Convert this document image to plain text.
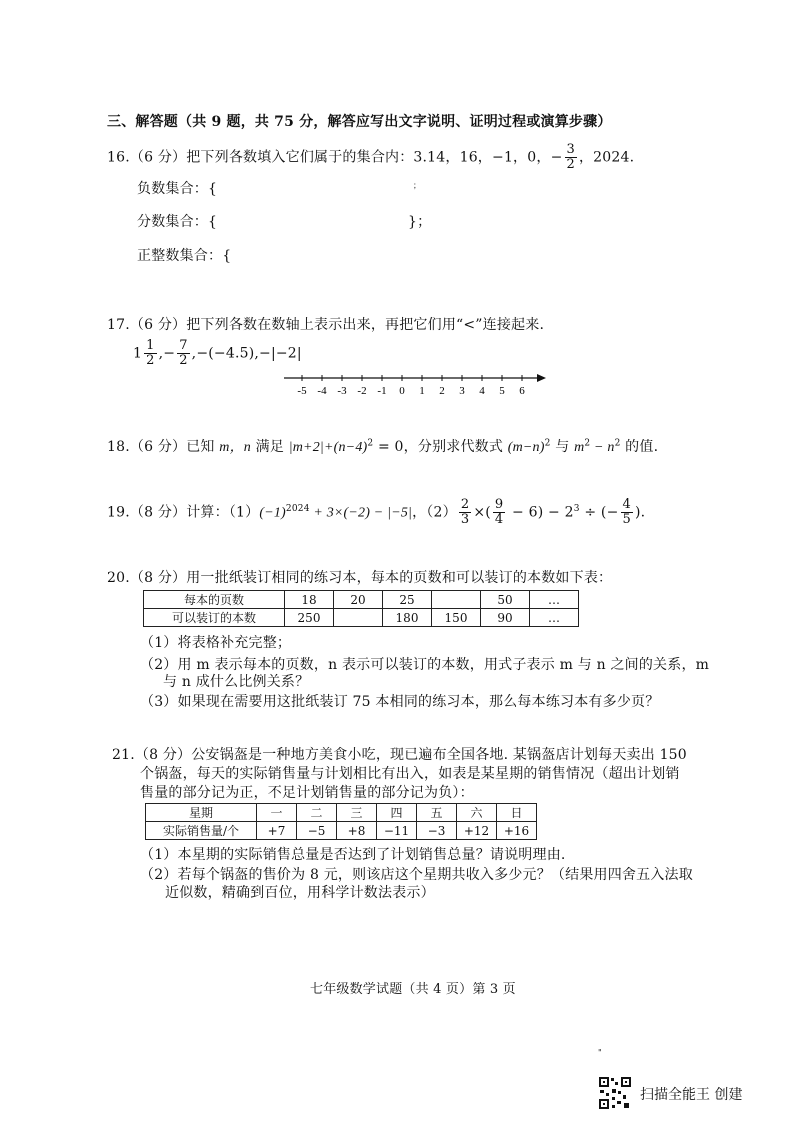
三、解答题（共 9 题，共 75 分，解答应写出文字说明、证明过程或演算步骤）
16.（6 分）把下列各数填入它们属于的集合内：3.14，16，−1，0，− $\frac{3}{2}$ ，2024.
负数集合：{	；
分数集合：{	}；
正整数集合：{
17.（6 分）把下列各数在数轴上表示出来，再把它们用“<”连接起来.
$1 \frac{1}{2}$ ,− $\frac{7}{2} ,-(-4.5),-|-2|$
-5 -4 -3 -2 -1 0 1 2 3 4 5 6
18.（6 分）已知 m，n 满足 $|m+2|+(n-4)^2 = 0$，分别求代数式 $(m-n)^2$ 与 $m^2 - n^2$ 的值.
19.（8 分）计算：$(1)(-1)^{2024} + 3\times(-2) - |-5|$，$(2) \frac{2}{3}$ ×( $\frac{9}{4} - 6) - 2^3$ ÷ (− $\frac{4}{5}$ ).
20.（8 分）用一批纸装订相同的练习本，每本的页数和可以装订的本数如下表：
每本的页数	18	20	25		50	…
可以装订的本数	250		180	150	90	…
（1）将表格补充完整；
（2）用 m 表示每本的页数，n 表示可以装订的本数，用式子表示 m 与 n 之间的关系，m
与 n 成什么比例关系？
（3）如果现在需要用这批纸装订 75 本相同的练习本，那么每本练习本有多少页？
21.（8 分）公安锅盔是一种地方美食小吃，现已遍布全国各地. 某锅盔店计划每天卖出 150
个锅盔，每天的实际销售量与计划相比有出入，如表是某星期的销售情况（超出计划销
售量的部分记为正，不足计划销售量的部分记为负）：
星期	一	二	三	四	五	六	日
实际销售量/个	+7	−5	+8	−11	−3	+12	+16
（1）本星期的实际销售总量是否达到了计划销售总量？请说明理由.
（2）若每个锅盔的售价为 8 元，则该店这个星期共收入多少元？（结果用四舍五入法取
近似数，精确到百位，用科学计数法表示）
七年级数学试题（共 4 页）第 3 页
"
扫描全能王 创建
